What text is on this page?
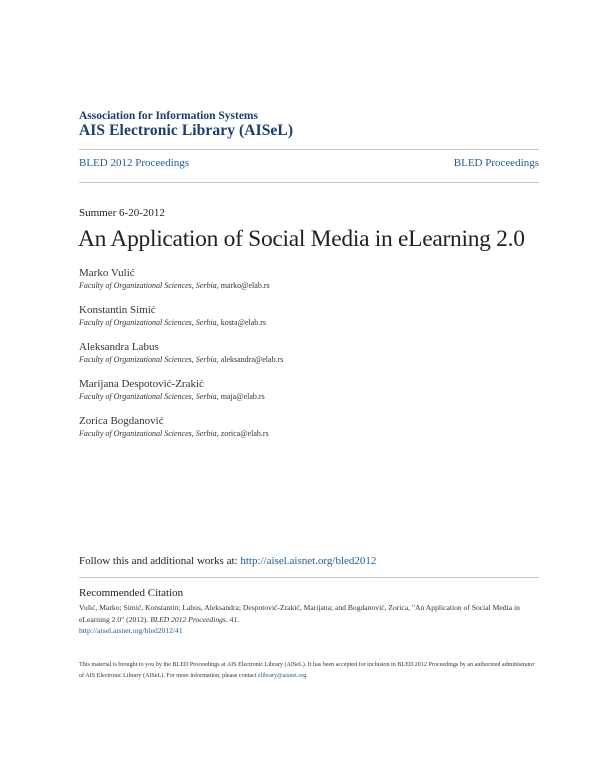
Association for Information Systems
AIS Electronic Library (AISeL)
BLED 2012 Proceedings	BLED Proceedings
Summer 6-20-2012
An Application of Social Media in eLearning 2.0
Marko Vulić
Faculty of Organizational Sciences, Serbia, marko@elab.rs
Konstantin Simić
Faculty of Organizational Sciences, Serbia, kosta@elab.rs
Aleksandra Labus
Faculty of Organizational Sciences, Serbia, aleksandra@elab.rs
Marijana Despotović-Zrakić
Faculty of Organizational Sciences, Serbia, maja@elab.rs
Zorica Bogdanović
Faculty of Organizational Sciences, Serbia, zorica@elab.rs
Follow this and additional works at: http://aisel.aisnet.org/bled2012
Recommended Citation
Vulić, Marko; Simić, Konstantin; Labus, Aleksandra; Despotović-Zrakić, Marijana; and Bogdanović, Zorica, "An Application of Social Media in eLearning 2.0" (2012). BLED 2012 Proceedings. 41.
http://aisel.aisnet.org/bled2012/41
This material is brought to you by the BLED Proceedings at AIS Electronic Library (AISeL). It has been accepted for inclusion in BLED 2012 Proceedings by an authorized administrator of AIS Electronic Library (AISeL). For more information, please contact elibrary@aisnet.org.
